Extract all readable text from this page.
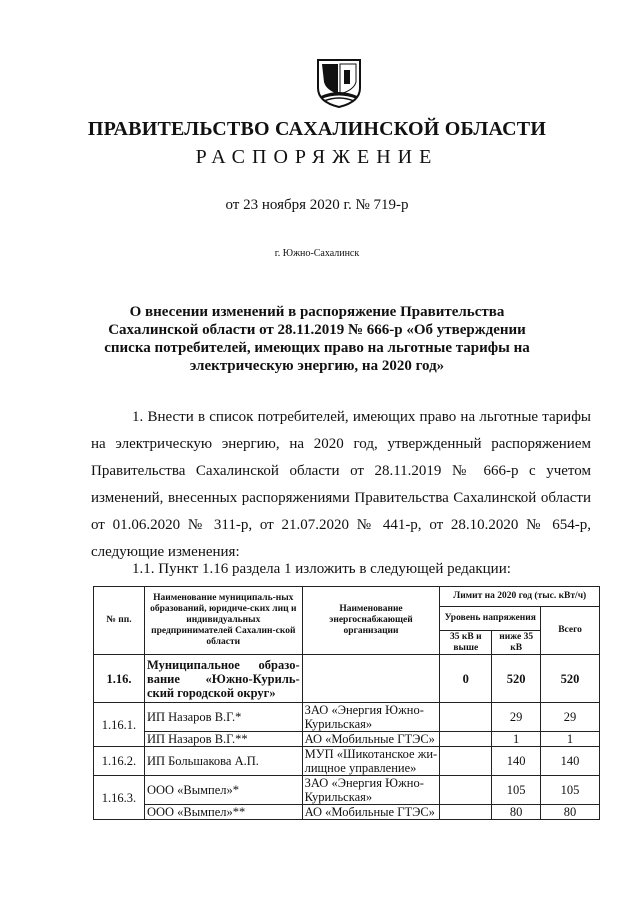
ПРАВИТЕЛЬСТВО САХАЛИНСКОЙ ОБЛАСТИ
РАСПОРЯЖЕНИЕ
от 23 ноября 2020 г. № 719-р
г. Южно-Сахалинск
О внесении изменений в распоряжение Правительства
Сахалинской области от 28.11.2019 № 666-р «Об утверждении
списка потребителей, имеющих право на льготные тарифы на
электрическую энергию, на 2020 год»
1. Внести в список потребителей, имеющих право на льготные тарифы
на электрическую энергию, на 2020 год, утвержденный распоряжением
Правительства Сахалинской области от 28.11.2019 № 666-р с учетом
изменений, внесенных распоряжениями Правительства Сахалинской области
от 01.06.2020 № 311-р, от 21.07.2020 № 441-р, от 28.10.2020 № 654-р,
следующие изменения:
1.1. Пункт 1.16 раздела 1 изложить в следующей редакции:
№ пп.	Наименование муниципаль-ных образований, юридиче-ских лиц и индивидуальных предпринимателей Сахалин-ской области	Наименование энергоснабжающей организации	Лимит на 2020 год (тыс. кВт/ч)		
			Уровень напряжения		Всего
			35 кВ и выше	ниже 35 кВ	
1.16.	Муниципальное образо-вание «Южно-Куриль-ский городской округ»		0	520	520
1.16.1.	ИП Назаров В.Г.*	ЗАО «Энергия Южно-Курильская»		29	29
	ИП Назаров В.Г.**	АО «Мобильные ГТЭС»		1	1
1.16.2.	ИП Большакова А.П.	МУП «Шикотанское жи-лищное управление»		140	140
1.16.3.	ООО «Вымпел»*	ЗАО «Энергия Южно-Курильская»		105	105
	ООО «Вымпел»**	АО «Мобильные ГТЭС»		80	80
